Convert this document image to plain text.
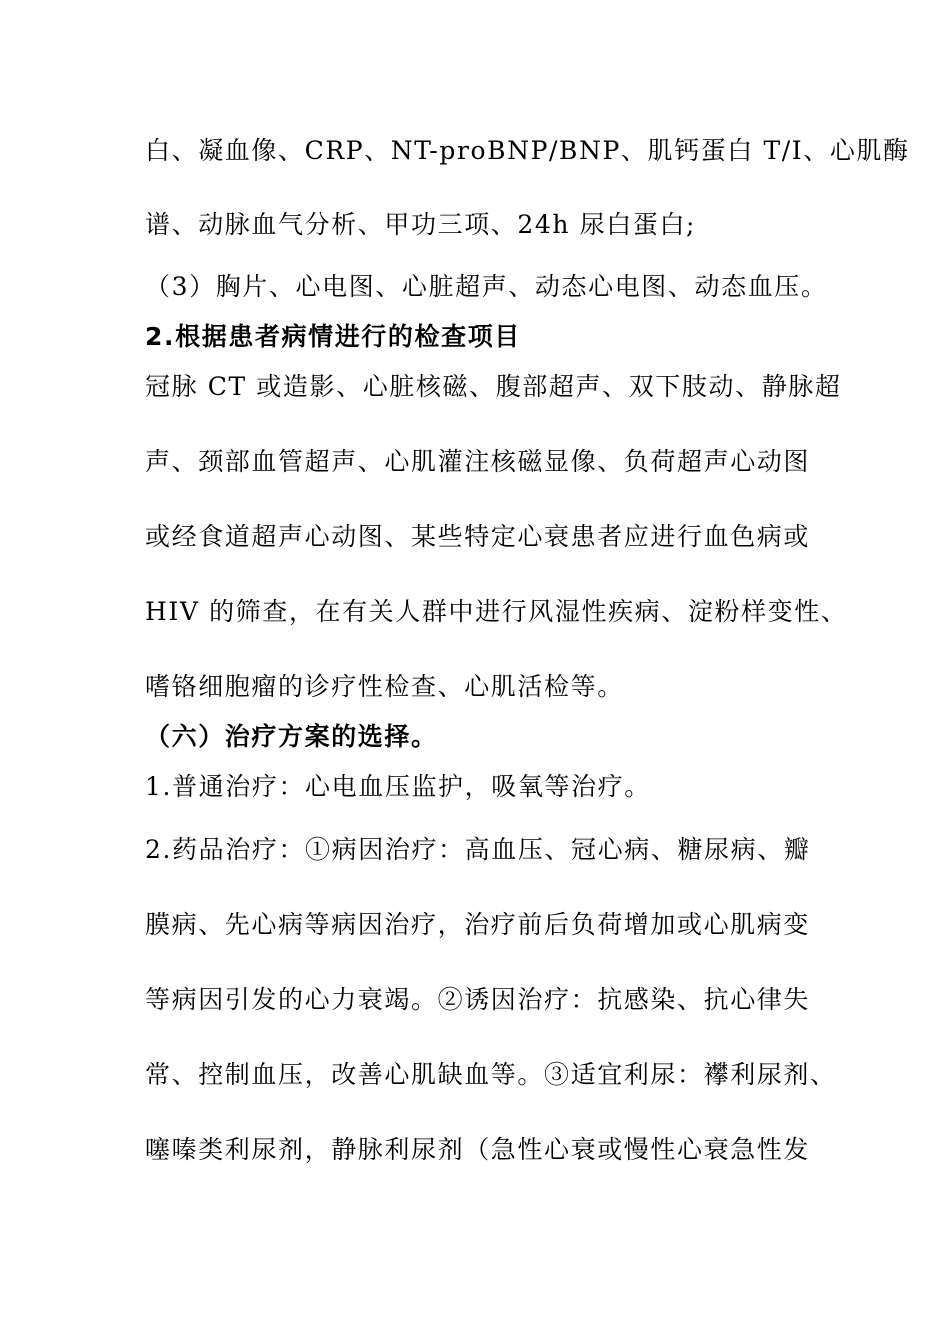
白、凝血像、CRP、NT-proBNP/BNP、肌钙蛋白 T/I、心肌酶
谱、动脉血气分析、甲功三项、24h 尿白蛋白;
（3）胸片、心电图、心脏超声、动态心电图、动态血压。
2.根据患者病情进行的检查项目
冠脉 CT 或造影、心脏核磁、腹部超声、双下肢动、静脉超
声、颈部血管超声、心肌灌注核磁显像、负荷超声心动图
或经食道超声心动图、某些特定心衰患者应进行血色病或
HIV 的筛查，在有关人群中进行风湿性疾病、淀粉样变性、
嗜铬细胞瘤的诊疗性检查、心肌活检等。
（六）治疗方案的选择。
1.普通治疗：心电血压监护，吸氧等治疗。
2.药品治疗：①病因治疗：高血压、冠心病、糖尿病、瓣
膜病、先心病等病因治疗，治疗前后负荷增加或心肌病变
等病因引发的心力衰竭。②诱因治疗：抗感染、抗心律失
常、控制血压，改善心肌缺血等。③适宜利尿：襻利尿剂、
噻嗪类利尿剂，静脉利尿剂（急性心衰或慢性心衰急性发
